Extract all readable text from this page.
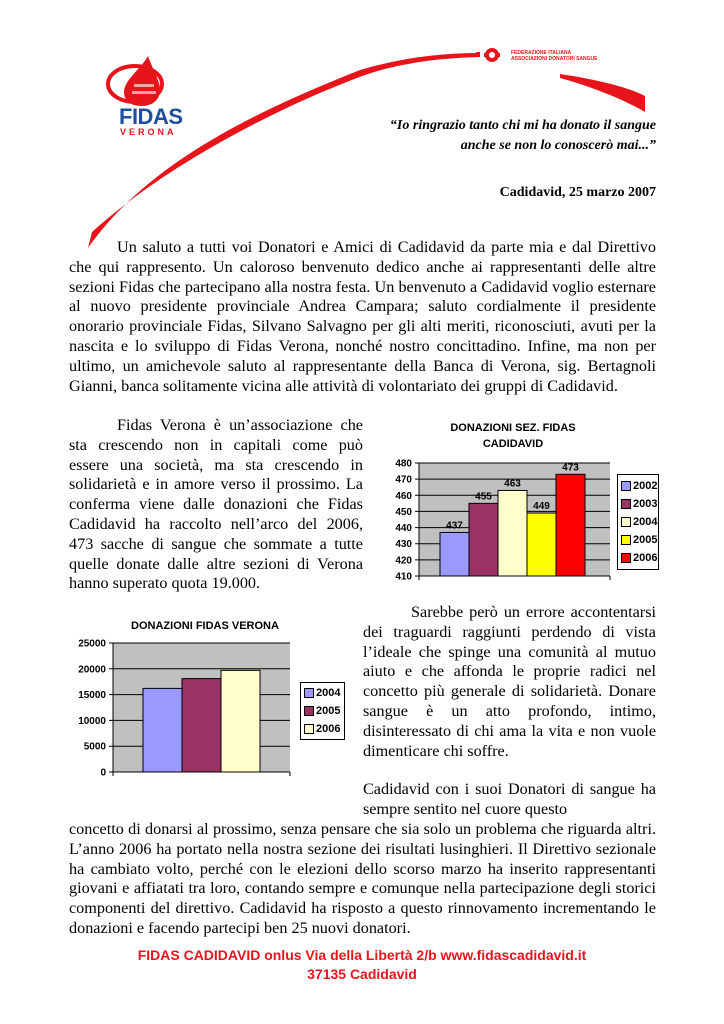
FIDAS
VERONA
FEDERAZIONE ITALIANA
ASSOCIAZIONI DONATORI SANGUE
“Io ringrazio tanto chi mi ha donato il sangue
anche se non lo conoscerò mai...”
Cadidavid, 25 marzo 2007
Un saluto a tutti voi Donatori e Amici di Cadidavid da parte mia e dal Direttivo che qui rappresento. Un caloroso benvenuto dedico anche ai rappresentanti delle altre sezioni Fidas che partecipano alla nostra festa. Un benvenuto a Cadidavid voglio esternare al nuovo presidente provinciale Andrea Campara; saluto cordialmente il presidente onorario provinciale Fidas, Silvano Salvagno per gli alti meriti, riconosciuti, avuti per la nascita e lo sviluppo di Fidas Verona, nonché nostro concittadino. Infine, ma non per ultimo, un amichevole saluto al rappresentante della Banca di Verona, sig. Bertagnoli Gianni, banca solitamente vicina alle attività di volontariato dei gruppi di Cadidavid.
Fidas Verona è un’associazione che sta crescendo non in capitali come può essere una società, ma sta crescendo in solidarietà e in amore verso il prossimo. La conferma viene dalle donazioni che Fidas Cadidavid ha raccolto nell’arco del 2006, 473 sacche di sangue che sommate a tutte quelle donate dalle altre sezioni di Verona hanno superato quota 19.000.
DONAZIONI SEZ. FIDAS
CADIDAVID
480
470
460
450
440
430
420
410
437
455
463
449
473
2002
2003
2004
2005
2006
DONAZIONI FIDAS VERONA
25000
20000
15000
10000
5000
0
2004
2005
2006
Sarebbe però un errore accontentarsi dei traguardi raggiunti perdendo di vista l’ideale che spinge una comunità al mutuo aiuto e che affonda le proprie radici nel concetto più generale di solidarietà. Donare sangue è un atto profondo, intimo, disinteressato di chi ama la vita e non vuole dimenticare chi soffre.
Cadidavid con i suoi Donatori di sangue ha sempre sentito nel cuore questo
concetto di donarsi al prossimo, senza pensare che sia solo un problema che riguarda altri. L’anno 2006 ha portato nella nostra sezione dei risultati lusinghieri. Il Direttivo sezionale ha cambiato volto, perché con le elezioni dello scorso marzo ha inserito rappresentanti giovani e affiatati tra loro, contando sempre e comunque nella partecipazione degli storici componenti del direttivo. Cadidavid ha risposto a questo rinnovamento incrementando le donazioni e facendo partecipi ben 25 nuovi donatori.
FIDAS CADIDAVID onlus Via della Libertà 2/b www.fidascadidavid.it
37135 Cadidavid
